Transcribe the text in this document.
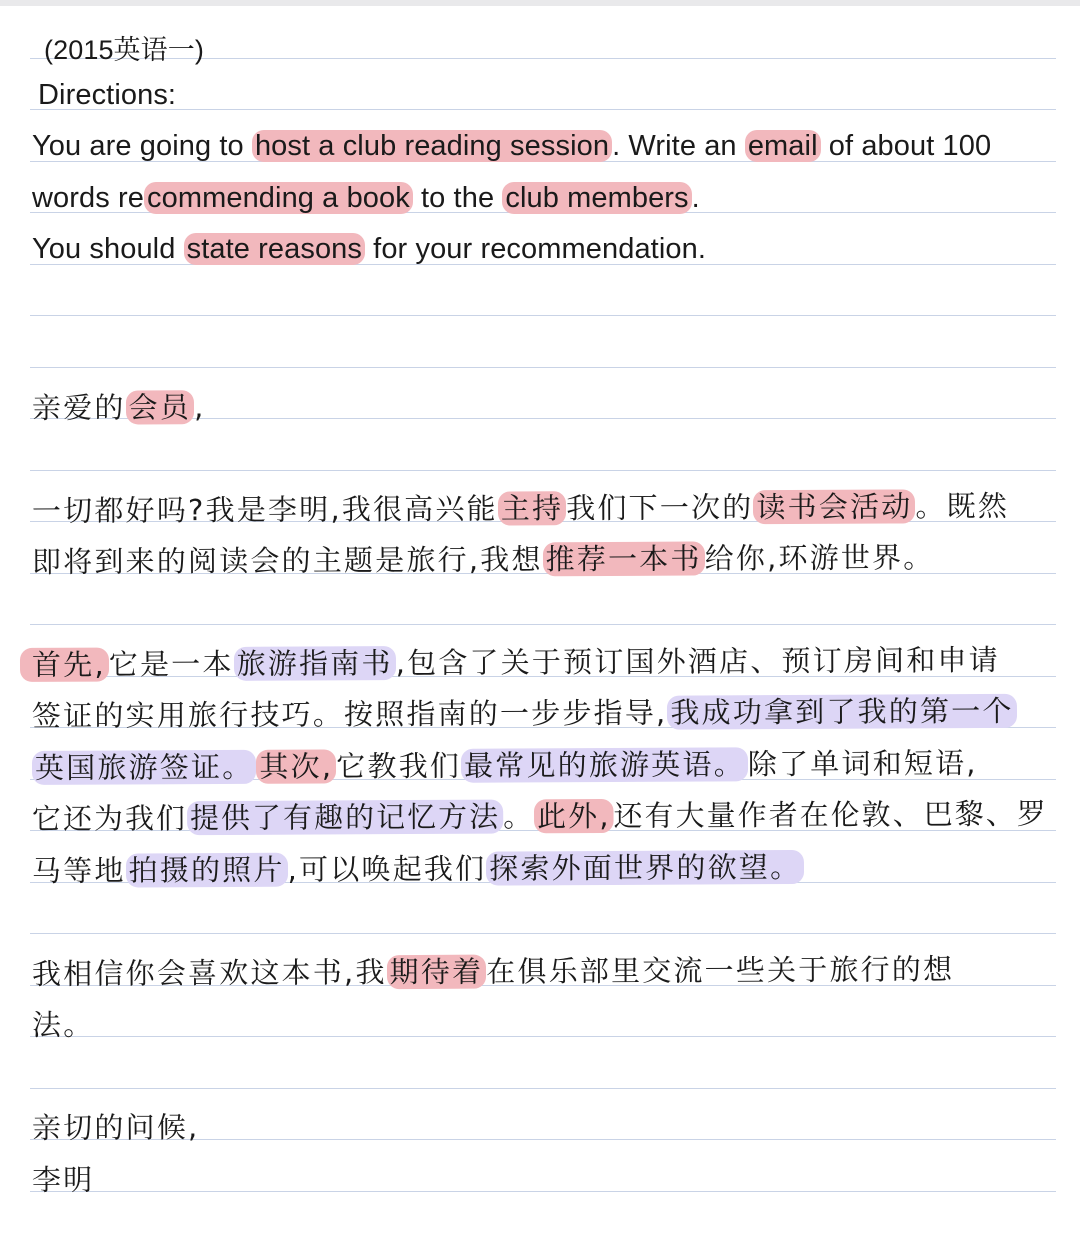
(2015英语一)
Directions:
You are going to host a club reading session . Write an email of about 100
words re commending a book to the club members .
You should state reasons for your recommendation.
亲爱的会员,
一切都好吗?我是李明,我很高兴能主持我们下一次的读书会活动。既然
即将到来的阅读会的主题是旅行,我想推荐一本书给你,环游世界。
首先,它是一本旅游指南书,包含了关于预订国外酒店、预订房间和申请
签证的实用旅行技巧。按照指南的一步步指导,我成功拿到了我的第一个
英国旅游签证。 其次,它教我们最常见的旅游英语。除了单词和短语,
它还为我们提供了有趣的记忆方法。此外,还有大量作者在伦敦、巴黎、罗
马等地拍摄的照片,可以唤起我们探索外面世界的欲望。
我相信你会喜欢这本书,我期待着在俱乐部里交流一些关于旅行的想
法。
亲切的问候,
李明
